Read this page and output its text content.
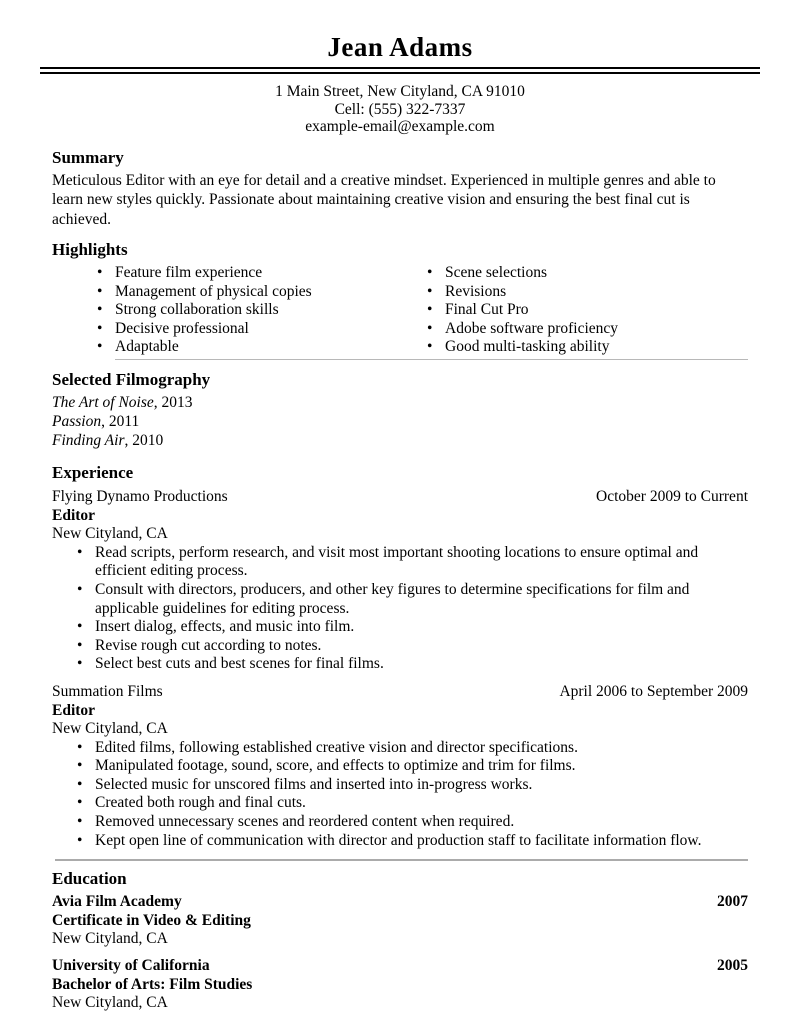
Jean Adams
1 Main Street, New Cityland, CA 91010
Cell: (555) 322-7337
example-email@example.com
Summary

Meticulous Editor with an eye for detail and a creative mindset. Experienced in multiple genres and able to learn new styles quickly. Passionate about maintaining creative vision and ensuring the best final cut is achieved.

Highlights
• Feature film experience
• Management of physical copies
• Strong collaboration skills
• Decisive professional
• Adaptable
• Scene selections
• Revisions
• Final Cut Pro
• Adobe software proficiency
• Good multi-tasking ability
Selected Filmography
The Art of Noise, 2013
Passion, 2011
Finding Air, 2010
Experience
Flying Dynamo Productions	October 2009 to Current
Editor
New Cityland, CA
• Read scripts, perform research, and visit most important shooting locations to ensure optimal and efficient editing process.
• Consult with directors, producers, and other key figures to determine specifications for film and applicable guidelines for editing process.
• Insert dialog, effects, and music into film.
• Revise rough cut according to notes.
• Select best cuts and best scenes for final films.
Summation Films	April 2006 to September 2009
Editor
New Cityland, CA
• Edited films, following established creative vision and director specifications.
• Manipulated footage, sound, score, and effects to optimize and trim for films.
• Selected music for unscored films and inserted into in-progress works.
• Created both rough and final cuts.
• Removed unnecessary scenes and reordered content when required.
• Kept open line of communication with director and production staff to facilitate information flow.
Education
Avia Film Academy	2007
Certificate in Video & Editing
New Cityland, CA
University of California	2005
Bachelor of Arts: Film Studies
New Cityland, CA
